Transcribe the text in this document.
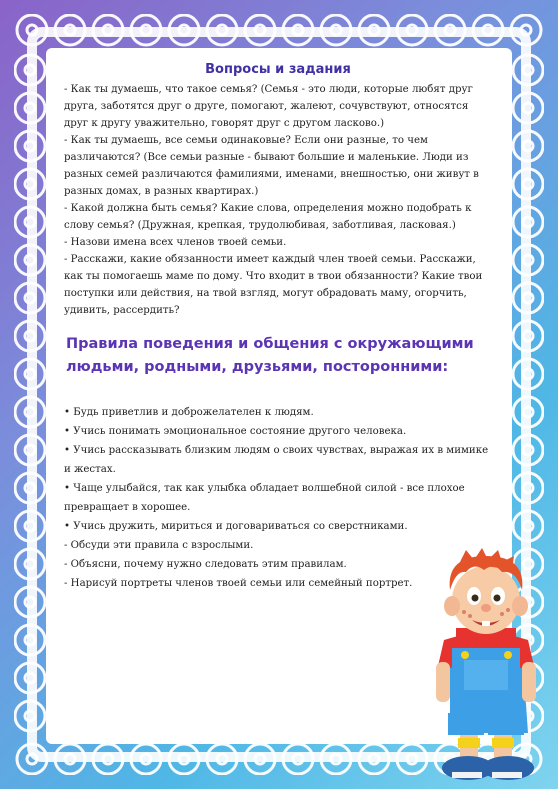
Вопросы и задания

- Как ты думаешь, что такое семья? (Семья - это люди, которые любят друг друга, заботятся друг о друге, помогают, жалеют, сочувствуют, относятся друг к другу уважительно, говорят друг с другом ласково.)

- Как ты думаешь, все семьи одинаковые? Если они разные, то чем различаются? (Все семьи разные - бывают большие и маленькие. Люди из разных семей различаются фамилиями, именами, внешностью, они живут в разных домах, в разных квартирах.)

- Какой должна быть семья? Какие слова, определения можно подобрать к слову семья? (Дружная, крепкая, трудолюбивая, заботливая, ласковая.)

- Назови имена всех членов твоей семьи.

- Расскажи, какие обязанности имеет каждый член твоей семьи. Расскажи, как ты помогаешь маме по дому. Что входит в твои обязанности? Какие твои поступки или действия, на твой взгляд, могут обрадовать маму, огорчить, удивить, рассердить?

Правила поведения и общения с окружающими людьми, родными, друзьями, посторонними:

• Будь приветлив и доброжелателен к людям.

• Учись понимать эмоциональное состояние другого человека.

• Учись рассказывать близким людям о своих чувствах, выражая их в мимике и жестах.

• Чаще улыбайся, так как улыбка обладает волшебной силой - все плохое превращает в хорошее.

• Учись дружить, мириться и договариваться со сверстниками.

- Обсуди эти правила с взрослыми.

- Объясни, почему нужно следовать этим правилам.

- Нарисуй портреты членов твоей семьи или семейный портрет.
